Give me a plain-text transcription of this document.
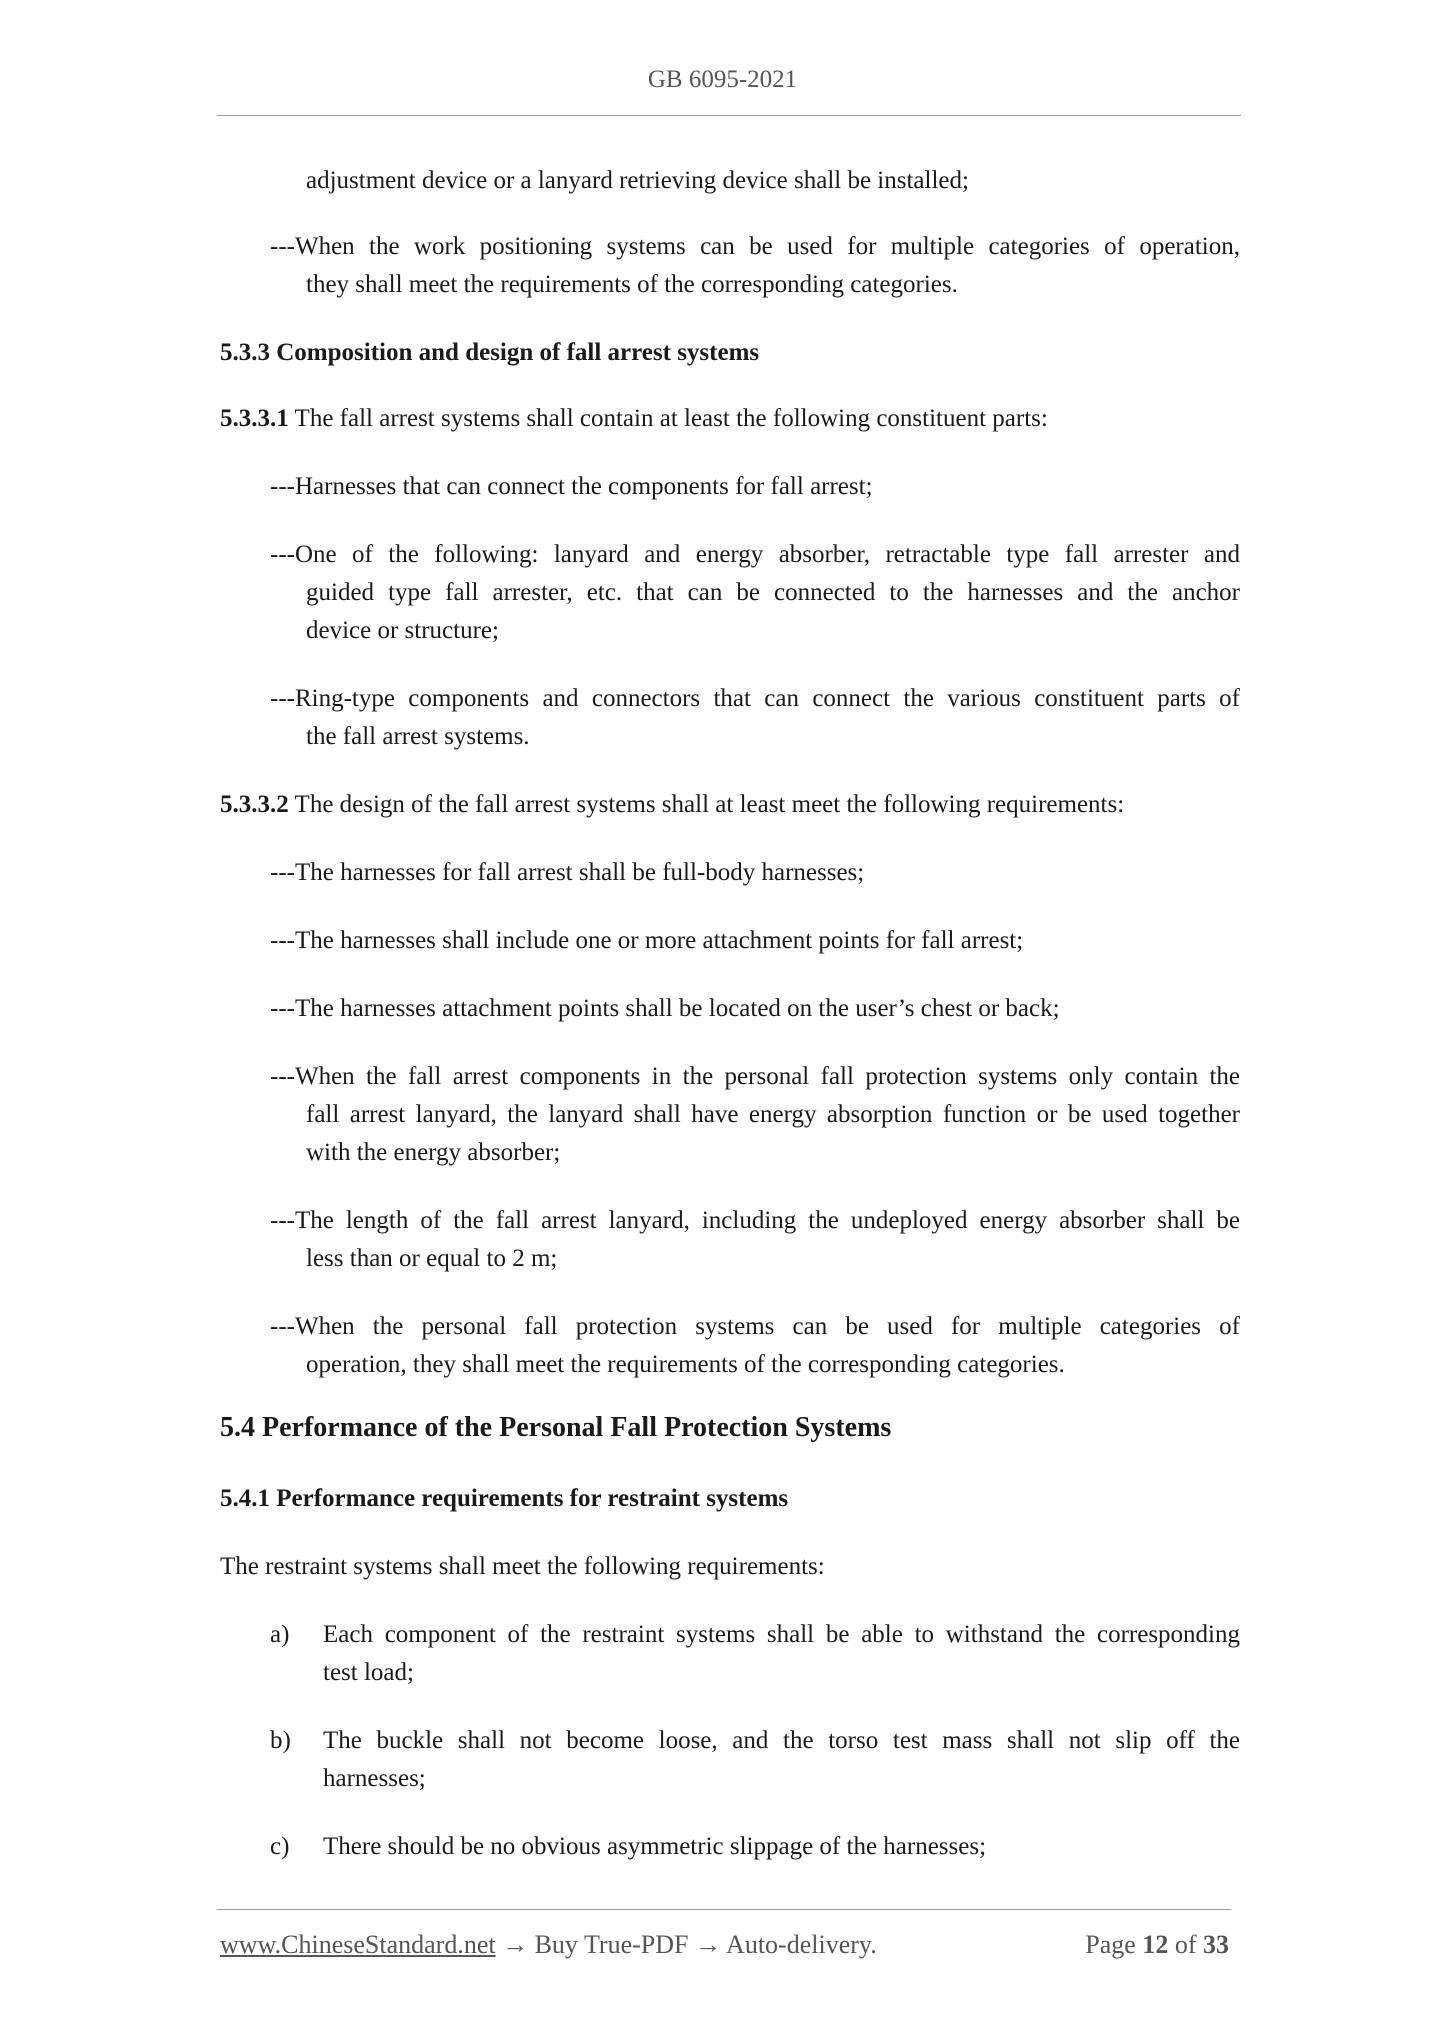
GB 6095-2021
adjustment device or a lanyard retrieving device shall be installed;
---When the work positioning systems can be used for multiple categories of operation,
they shall meet the requirements of the corresponding categories.
5.3.3 Composition and design of fall arrest systems
5.3.3.1 The fall arrest systems shall contain at least the following constituent parts:
---Harnesses that can connect the components for fall arrest;
---One of the following: lanyard and energy absorber, retractable type fall arrester and
guided type fall arrester, etc. that can be connected to the harnesses and the anchor
device or structure;
---Ring-type components and connectors that can connect the various constituent parts of
the fall arrest systems.
5.3.3.2 The design of the fall arrest systems shall at least meet the following requirements:
---The harnesses for fall arrest shall be full-body harnesses;
---The harnesses shall include one or more attachment points for fall arrest;
---The harnesses attachment points shall be located on the user’s chest or back;
---When the fall arrest components in the personal fall protection systems only contain the
fall arrest lanyard, the lanyard shall have energy absorption function or be used together
with the energy absorber;
---The length of the fall arrest lanyard, including the undeployed energy absorber shall be
less than or equal to 2 m;
---When the personal fall protection systems can be used for multiple categories of
operation, they shall meet the requirements of the corresponding categories.
5.4 Performance of the Personal Fall Protection Systems
5.4.1 Performance requirements for restraint systems
The restraint systems shall meet the following requirements:
a) Each component of the restraint systems shall be able to withstand the corresponding
test load;
b) The buckle shall not become loose, and the torso test mass shall not slip off the
harnesses;
c) There should be no obvious asymmetric slippage of the harnesses;
www.ChineseStandard.net → Buy True-PDF → Auto-delivery.	Page 12 of 33
